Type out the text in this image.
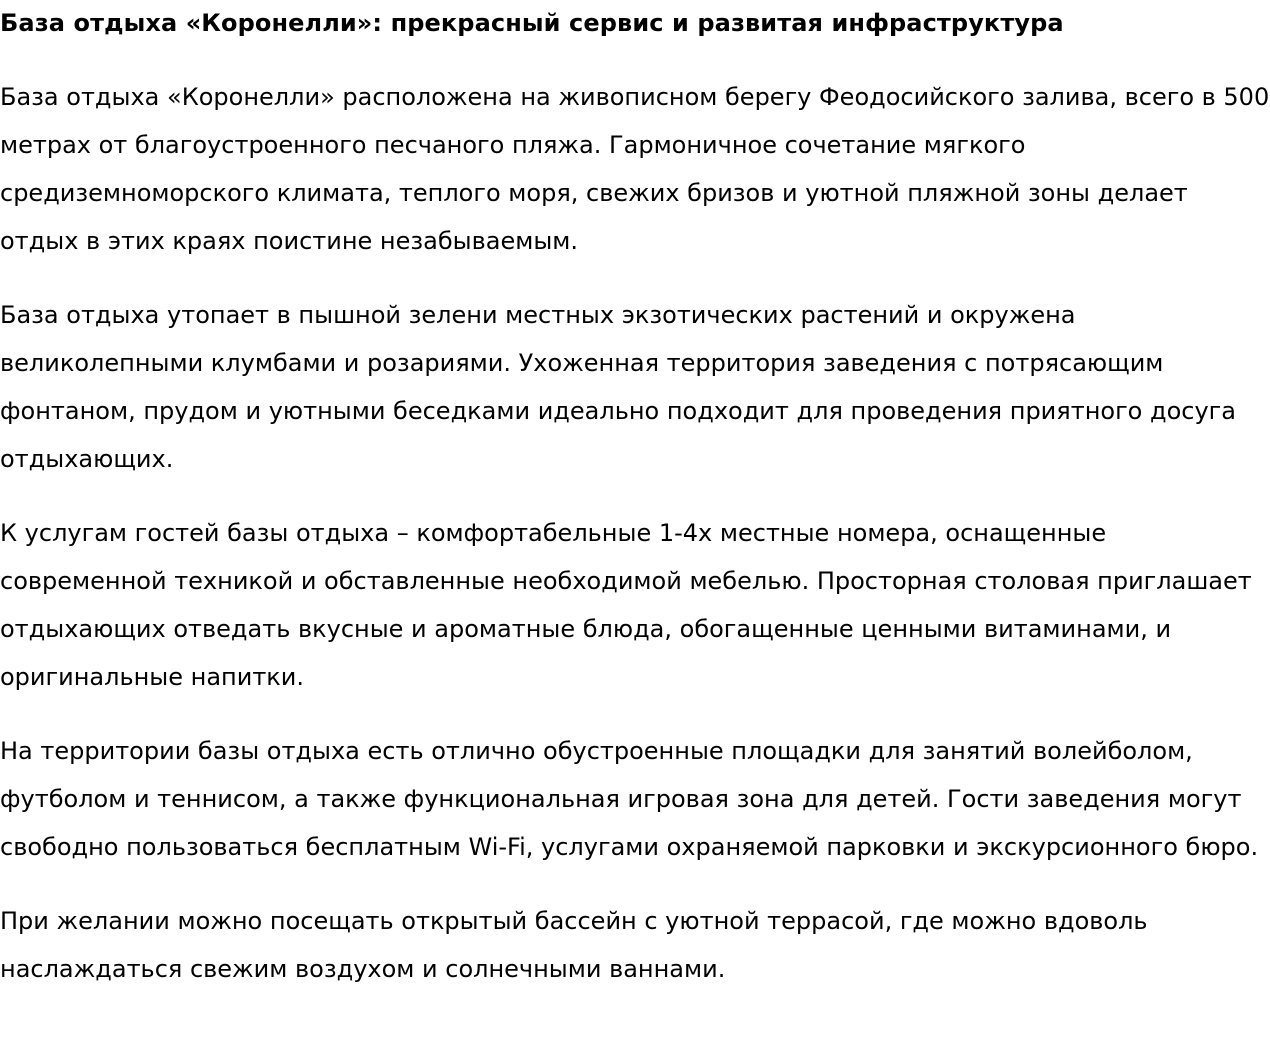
База отдыха «Коронелли»: прекрасный сервис и развитая инфраструктура

База отдыха «Коронелли» расположена на живописном берегу Феодосийского залива, всего в 500 метрах от благоустроенного песчаного пляжа. Гармоничное сочетание мягкого средиземноморского климата, теплого моря, свежих бризов и уютной пляжной зоны делает отдых в этих краях поистине незабываемым.

База отдыха утопает в пышной зелени местных экзотических растений и окружена великолепными клумбами и розариями. Ухоженная территория заведения с потрясающим фонтаном, прудом и уютными беседками идеально подходит для проведения приятного досуга отдыхающих.

К услугам гостей базы отдыха – комфортабельные 1-4х местные номера, оснащенные современной техникой и обставленные необходимой мебелью. Просторная столовая приглашает отдыхающих отведать вкусные и ароматные блюда, обогащенные ценными витаминами, и оригинальные напитки.

На территории базы отдыха есть отлично обустроенные площадки для занятий волейболом, футболом и теннисом, а также функциональная игровая зона для детей. Гости заведения могут свободно пользоваться бесплатным Wi-Fi, услугами охраняемой парковки и экскурсионного бюро.

При желании можно посещать открытый бассейн с уютной террасой, где можно вдоволь наслаждаться свежим воздухом и солнечными ваннами.
